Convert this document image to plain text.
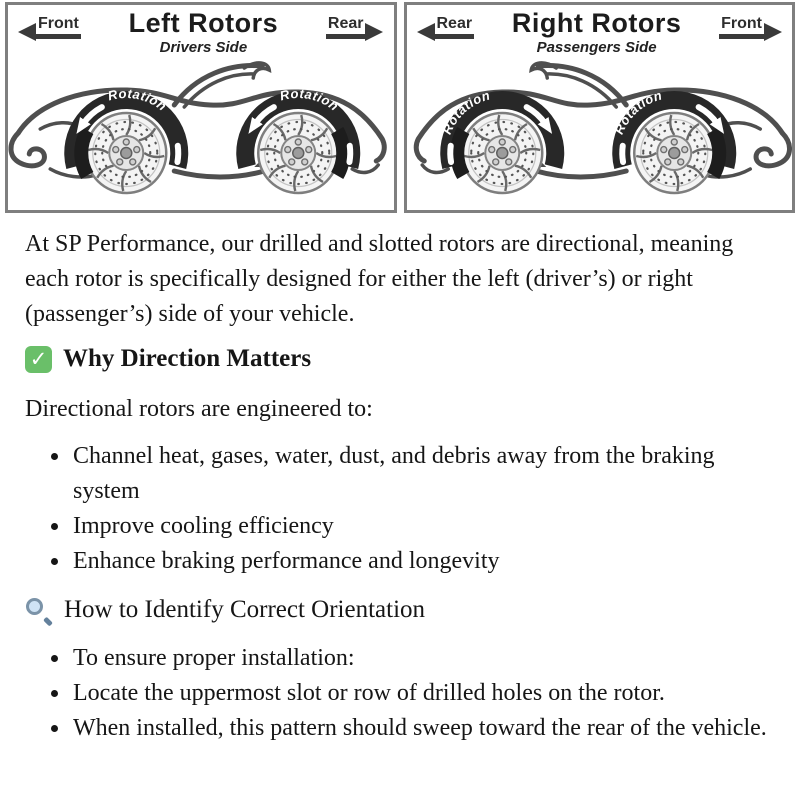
Front Left Rotors
Drivers Side
Rear
Rotation
Rotation
Rear Right Rotors
Passengers Side
Front
Rotation
Rotation

At SP Performance, our drilled and slotted rotors are directional, meaning each rotor is specifically designed for either the left (driver’s) or right (passenger’s) side of your vehicle.

✓
Why Direction Matters

Directional rotors are engineered to:

• Channel heat, gases, water, dust, and debris away from the braking system
• Improve cooling efficiency
• Enhance braking performance and longevity
How to Identify Correct Orientation
• To ensure proper installation:
• Locate the uppermost slot or row of drilled holes on the rotor.
• When installed, this pattern should sweep toward the rear of the vehicle.
